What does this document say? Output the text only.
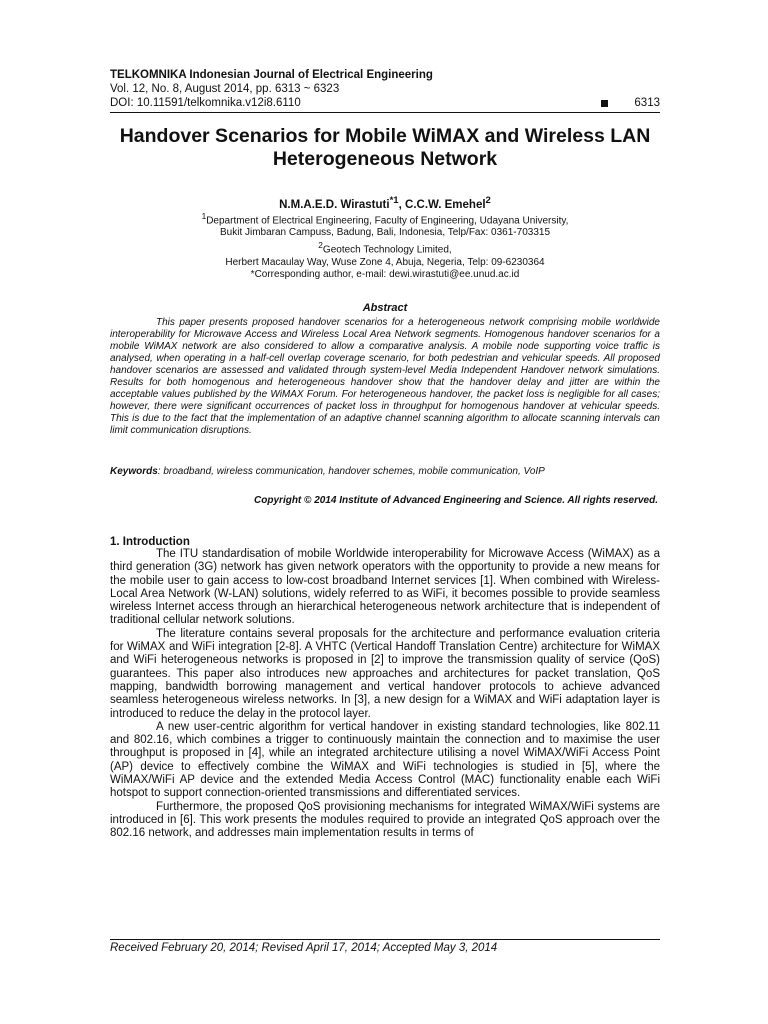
TELKOMNIKA Indonesian Journal of Electrical Engineering
Vol. 12, No. 8, August 2014, pp. 6313 ~ 6323
DOI: 10.11591/telkomnika.v12i8.6110	6313
Handover Scenarios for Mobile WiMAX and Wireless LAN Heterogeneous Network
N.M.A.E.D. Wirastuti$^{*1}$, C.C.W. Emehel$^2$
$^1$Department of Electrical Engineering, Faculty of Engineering, Udayana University,
Bukit Jimbaran Campuss, Badung, Bali, Indonesia, Telp/Fax: 0361-703315
$^2$Geotech Technology Limited,
Herbert Macaulay Way, Wuse Zone 4, Abuja, Negeria, Telp: 09-6230364
*Corresponding author, e-mail: dewi.wirastuti@ee.unud.ac.id
Abstract

This paper presents proposed handover scenarios for a heterogeneous network comprising mobile worldwide interoperability for Microwave Access and Wireless Local Area Network segments. Homogenous handover scenarios for a mobile WiMAX network are also considered to allow a comparative analysis. A mobile node supporting voice traffic is analysed, when operating in a half-cell overlap coverage scenario, for both pedestrian and vehicular speeds. All proposed handover scenarios are assessed and validated through system-level Media Independent Handover network simulations. Results for both homogenous and heterogeneous handover show that the handover delay and jitter are within the acceptable values published by the WiMAX Forum. For heterogeneous handover, the packet loss is negligible for all cases; however, there were significant occurrences of packet loss in throughput for homogenous handover at vehicular speeds. This is due to the fact that the implementation of an adaptive channel scanning algorithm to allocate scanning intervals can limit communication disruptions.

Keywords: broadband, wireless communication, handover schemes, mobile communication, VoIP

Copyright © 2014 Institute of Advanced Engineering and Science. All rights reserved.
1. Introduction

The ITU standardisation of mobile Worldwide interoperability for Microwave Access (WiMAX) as a third generation (3G) network has given network operators with the opportunity to provide a new means for the mobile user to gain access to low-cost broadband Internet services [1]. When combined with Wireless-Local Area Network (W-LAN) solutions, widely referred to as WiFi, it becomes possible to provide seamless wireless Internet access through an hierarchical heterogeneous network architecture that is independent of traditional cellular network solutions.

The literature contains several proposals for the architecture and performance evaluation criteria for WiMAX and WiFi integration [2-8]. A VHTC (Vertical Handoff Translation Centre) architecture for WiMAX and WiFi heterogeneous networks is proposed in [2] to improve the transmission quality of service (QoS) guarantees. This paper also introduces new approaches and architectures for packet translation, QoS mapping, bandwidth borrowing management and vertical handover protocols to achieve advanced seamless heterogeneous wireless networks. In [3], a new design for a WiMAX and WiFi adaptation layer is introduced to reduce the delay in the protocol layer.

A new user-centric algorithm for vertical handover in existing standard technologies, like 802.11 and 802.16, which combines a trigger to continuously maintain the connection and to maximise the user throughput is proposed in [4], while an integrated architecture utilising a novel WiMAX/WiFi Access Point (AP) device to effectively combine the WiMAX and WiFi technologies is studied in [5], where the WiMAX/WiFi AP device and the extended Media Access Control (MAC) functionality enable each WiFi hotspot to support connection-oriented transmissions and differentiated services.

Furthermore, the proposed QoS provisioning mechanisms for integrated WiMAX/WiFi systems are introduced in [6]. This work presents the modules required to provide an integrated QoS approach over the 802.16 network, and addresses main implementation results in terms of

Received February 20, 2014; Revised April 17, 2014; Accepted May 3, 2014
